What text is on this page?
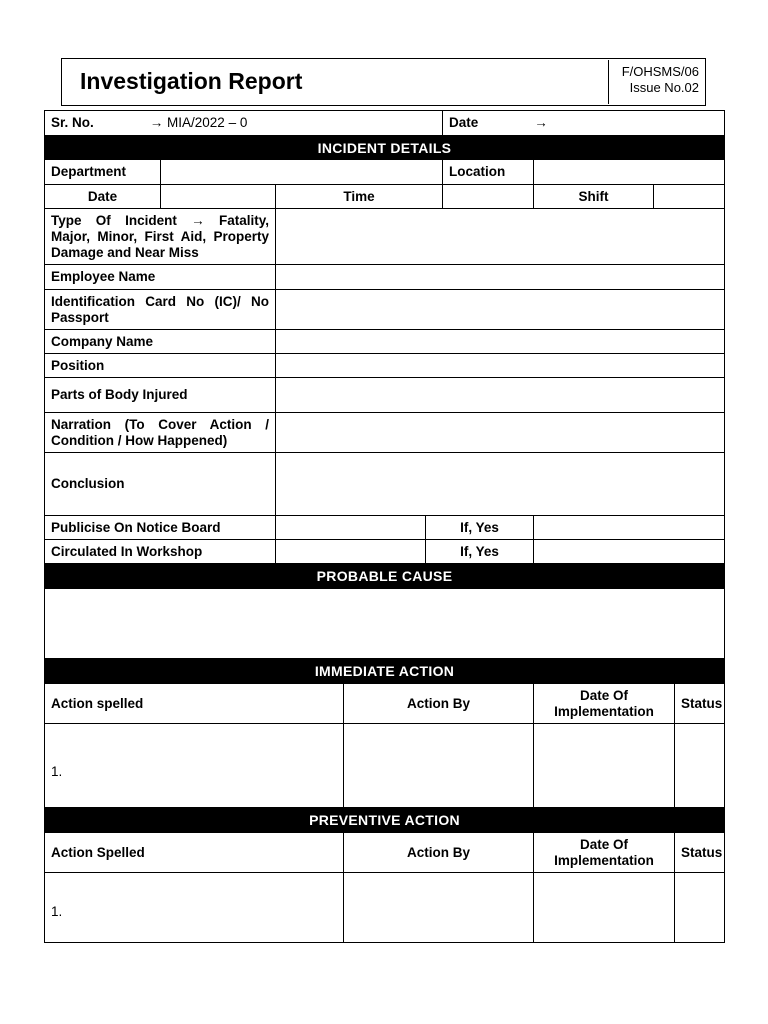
Investigation Report	F/OHSMS/06
Issue No.02
Sr. No. → MIA/2022 – 0					Date →			
INCIDENT DETAILS								
Department					Location			
Date		Time				Shift		
Type Of Incident → Fatality, Major, Minor, First Aid, Property Damage and Near Miss								
Employee Name								
Identification Card No (IC)/ No Passport								
Company Name								
Position								
Parts of Body Injured								
Narration (To Cover Action / Condition / How Happened)								
Conclusion								
Publicise On Notice Board				If, Yes				
Circulated In Workshop				If, Yes				
PROBABLE CAUSE								

IMMEDIATE ACTION								
Action spelled			Action By			Date Of Implementation		Status
1.								
PREVENTIVE ACTION								
Action Spelled			Action By			Date Of Implementation		Status
1.								
